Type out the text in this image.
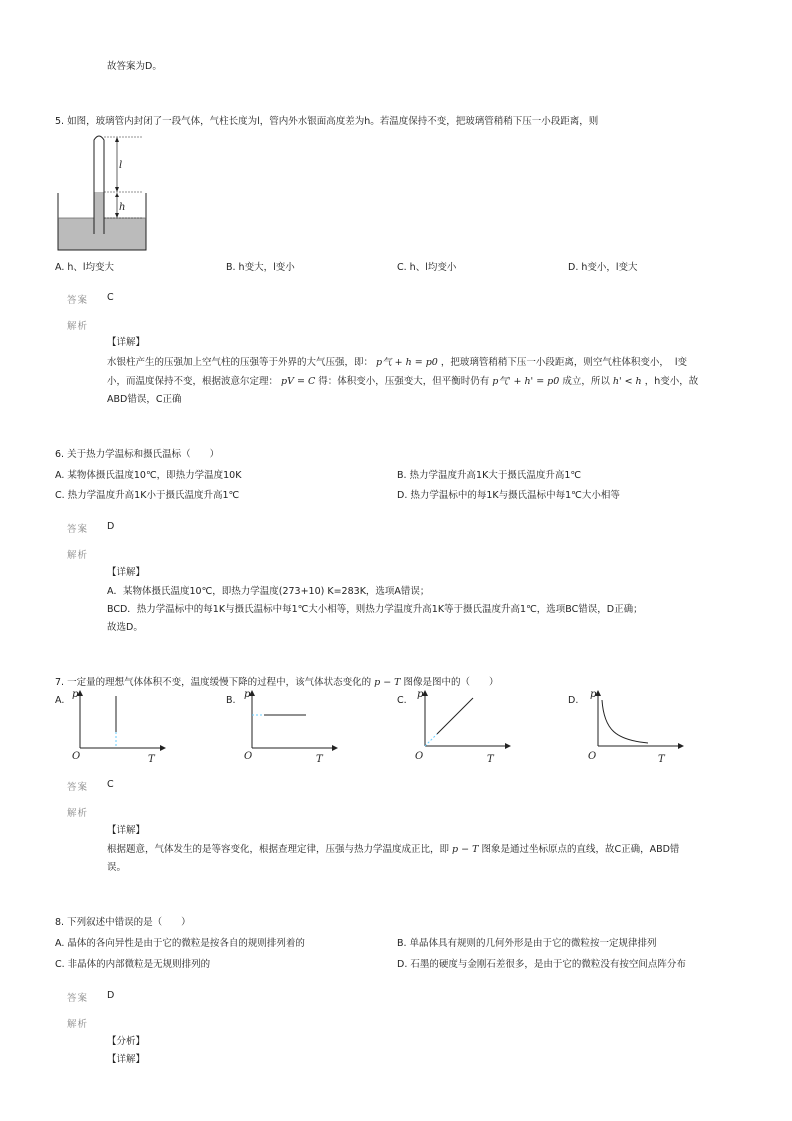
故答案为D。
5. 如图，玻璃管内封闭了一段气体，气柱长度为l，管内外水银面高度差为h。若温度保持不变，把玻璃管稍稍下压一小段距离，则
l
h
A. h、l均变大	B. h变大，l变小	C. h、l均变小	D. h变小，l变大
答案 C
解析
【详解】
水银柱产生的压强加上空气柱的压强等于外界的大气压强，即： p气 + h = p0 ，把玻璃管稍稍下压一小段距离，则空气柱体积变小， l变
小，而温度保持不变，根据波意尔定理： pV = C 得：体积变小，压强变大，但平衡时仍有 p气' + h' = p0 成立，所以 h' < h ，h变小，故
ABD错误，C正确
6. 关于热力学温标和摄氏温标（　　）
A. 某物体摄氏温度10℃，即热力学温度10K	B. 热力学温度升高1K大于摄氏温度升高1℃
C. 热力学温度升高1K小于摄氏温度升高1℃	D. 热力学温标中的每1K与摄氏温标中每1℃大小相等
答案 D
解析
【详解】
A．某物体摄氏温度10℃，即热力学温度(273+10) K=283K，选项A错误；
BCD．热力学温标中的每1K与摄氏温标中每1℃大小相等，则热力学温度升高1K等于摄氏温度升高1℃，选项BC错误，D正确；
故选D。
7. 一定量的理想气体体积不变，温度缓慢下降的过程中，该气体状态变化的 p − T 图像是图中的（　　）
A.
p
T
O
B.
p
T
O
C.
p
T
O
D.
p
T
O
答案 C
解析
【详解】
根据题意，气体发生的是等容变化，根据查理定律，压强与热力学温度成正比，即 p − T 图象是通过坐标原点的直线，故C正确，ABD错
误。
8. 下列叙述中错误的是（　　）
A. 晶体的各向异性是由于它的微粒是按各自的规则排列着的	B. 单晶体具有规则的几何外形是由于它的微粒按一定规律排列
C. 非晶体的内部微粒是无规则排列的	D. 石墨的硬度与金刚石差很多，是由于它的微粒没有按空间点阵分布
答案 D
解析
【分析】
【详解】
